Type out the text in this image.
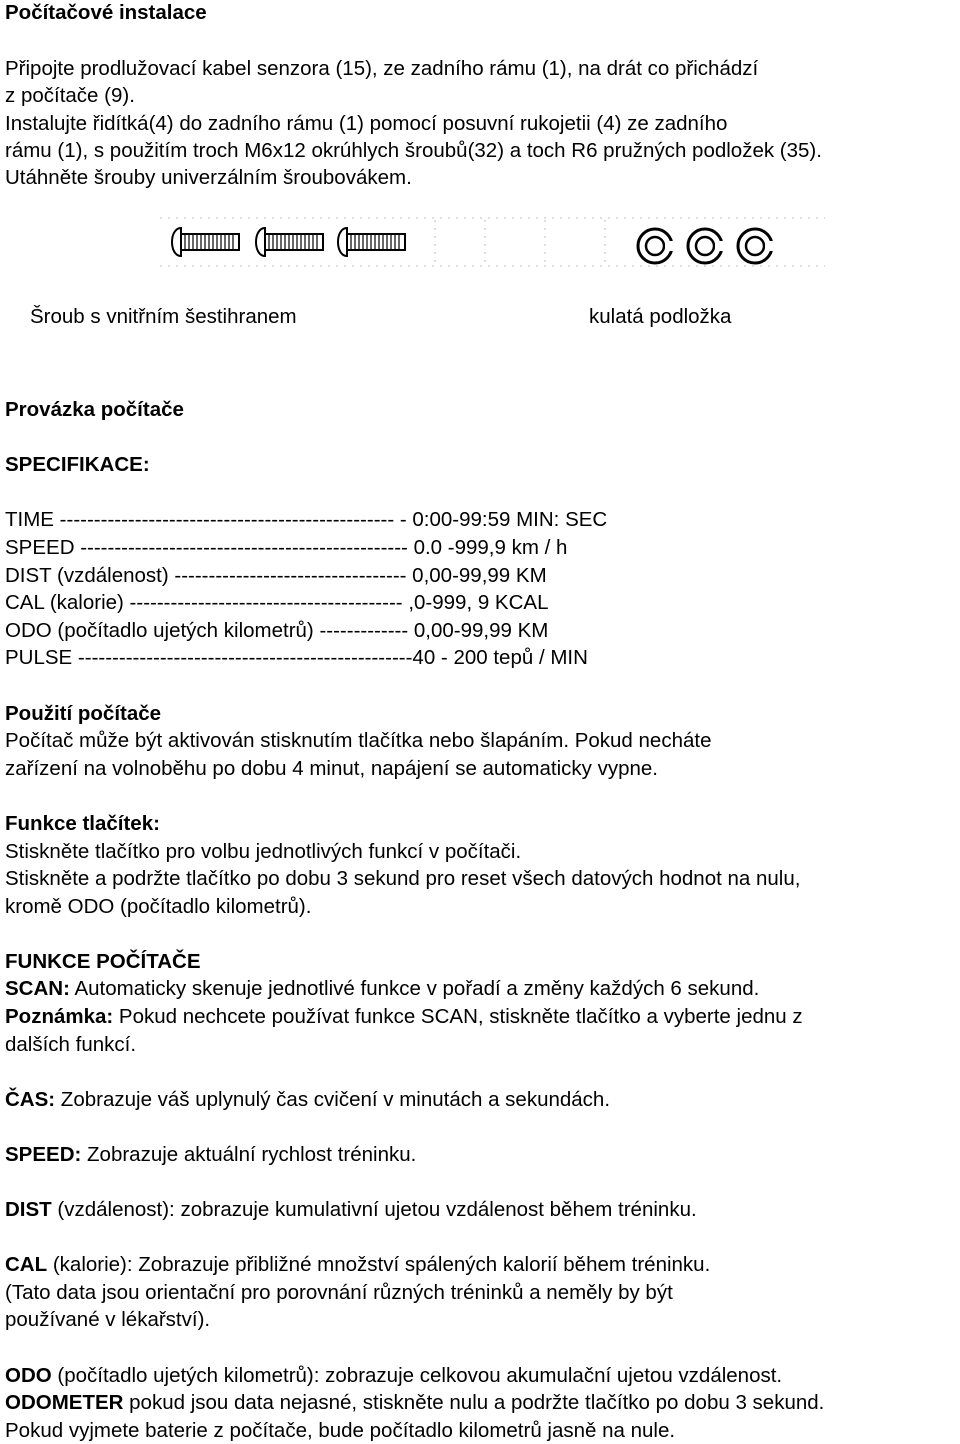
Počítačové instalace
Připojte prodlužovací kabel senzora (15), ze zadního rámu (1), na drát co přichádzí
z počítače (9).
Instalujte řidítká(4) do zadního rámu (1) pomocí posuvní rukojetii (4) ze zadního
rámu (1), s použitím troch M6x12 okrúhlych šroubů(32) a toch R6 pružných podložek (35).
Utáhněte šrouby univerzálním šroubovákem.
Šroub s vnitřním šestihranem	kulatá podložka
Provázka počítače
SPECIFIKACE:
TIME ------------------------------------------------- - 0:00-99:59 MIN: SEC
SPEED ------------------------------------------------ 0.0 -999,9 km / h
DIST (vzdálenost) ---------------------------------- 0,00-99,99 KM
CAL (kalorie) ---------------------------------------- ,0-999, 9 KCAL
ODO (počítadlo ujetých kilometrů) ------------- 0,00-99,99 KM
PULSE -------------------------------------------------40 - 200 tepů / MIN
Použití počítače
Počítač může být aktivován stisknutím tlačítka nebo šlapáním. Pokud necháte
zařízení na volnoběhu po dobu 4 minut, napájení se automaticky vypne.
Funkce tlačítek:
Stiskněte tlačítko pro volbu jednotlivých funkcí v počítači.
Stiskněte a podržte tlačítko po dobu 3 sekund pro reset všech datových hodnot na nulu,
kromě ODO (počítadlo kilometrů).
FUNKCE POČÍTAČE
SCAN: Automaticky skenuje jednotlivé funkce v pořadí a změny každých 6 sekund.
Poznámka: Pokud nechcete používat funkce SCAN, stiskněte tlačítko a vyberte jednu z
dalších funkcí.
ČAS: Zobrazuje váš uplynulý čas cvičení v minutách a sekundách.
SPEED: Zobrazuje aktuální rychlost tréninku.
DIST (vzdálenost): zobrazuje kumulativní ujetou vzdálenost během tréninku.
CAL (kalorie): Zobrazuje přibližné množství spálených kalorií během tréninku.
(Tato data jsou orientační pro porovnání různých tréninků a neměly by být
používané v lékařství).
ODO (počítadlo ujetých kilometrů): zobrazuje celkovou akumulační ujetou vzdálenost.
ODOMETER pokud jsou data nejasné, stiskněte nulu a podržte tlačítko po dobu 3 sekund.
Pokud vyjmete baterie z počítače, bude počítadlo kilometrů jasně na nule.
